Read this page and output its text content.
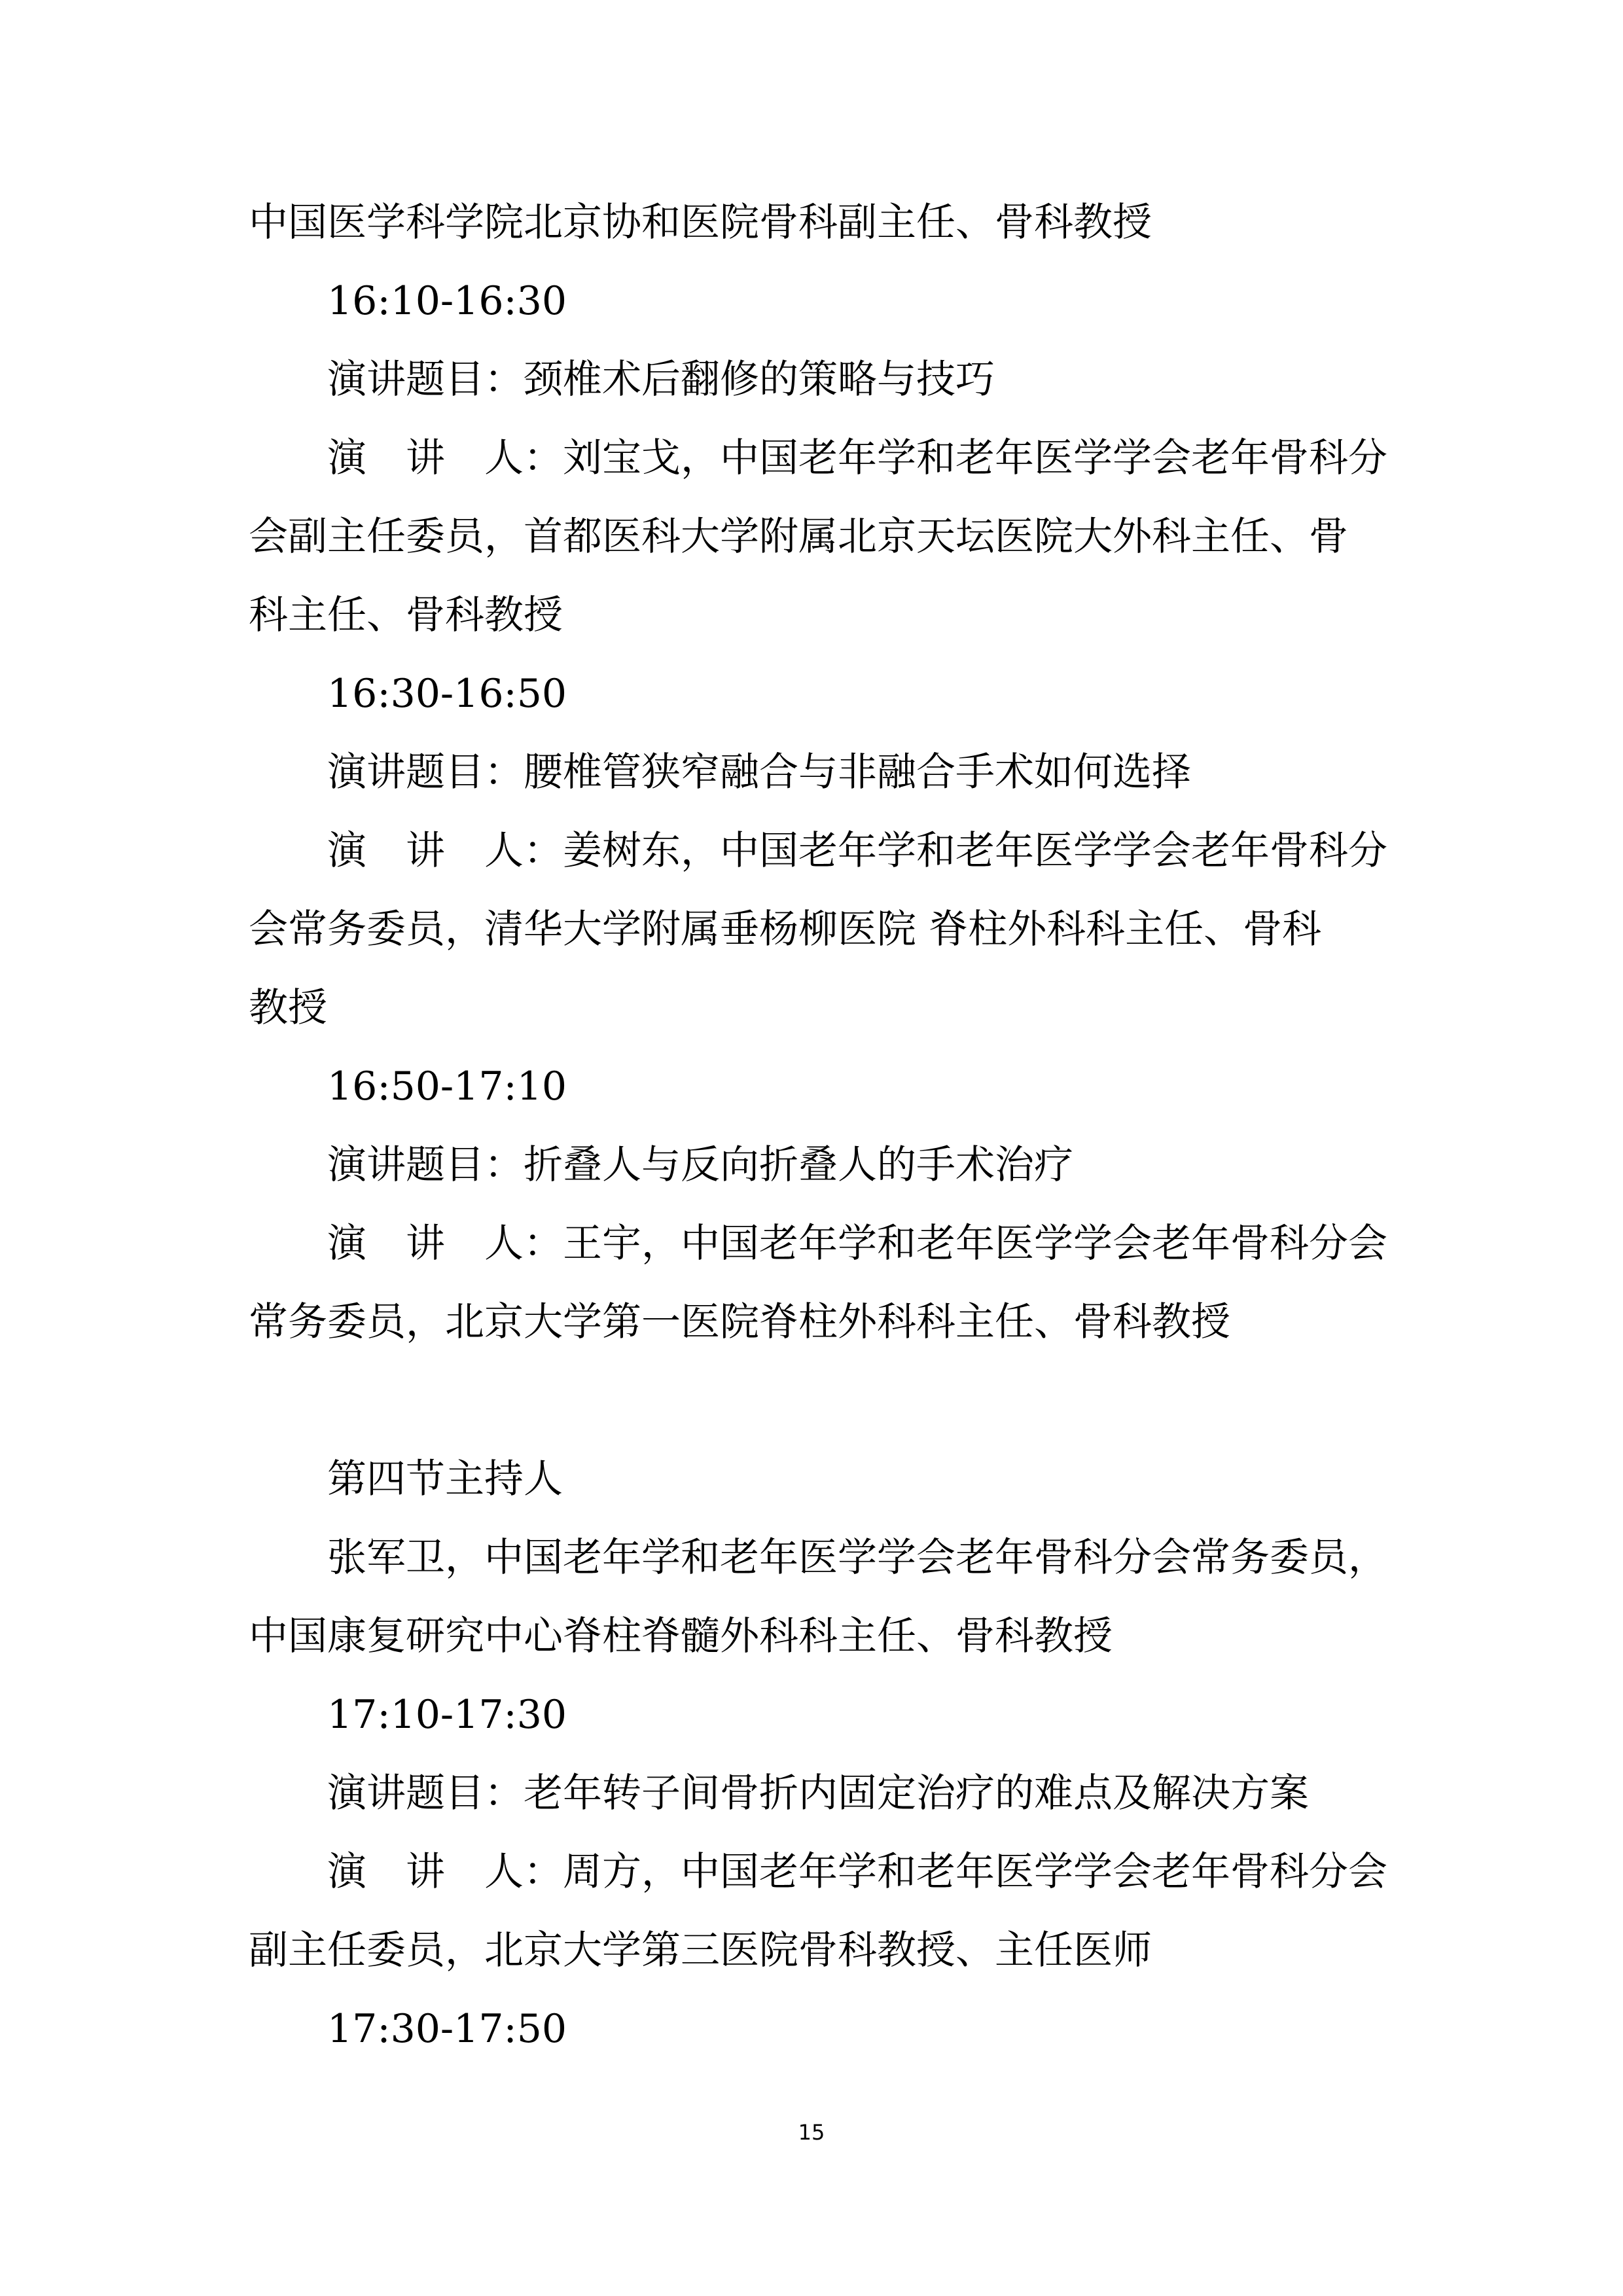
中国医学科学院北京协和医院骨科副主任、骨科教授
16:10-16:30
演讲题目：颈椎术后翻修的策略与技巧
演　讲　人：刘宝戈，中国老年学和老年医学学会老年骨科分
会副主任委员，首都医科大学附属北京天坛医院大外科主任、骨
科主任、骨科教授
16:30-16:50
演讲题目：腰椎管狭窄融合与非融合手术如何选择
演　讲　人：姜树东，中国老年学和老年医学学会老年骨科分
会常务委员，清华大学附属垂杨柳医院 脊柱外科科主任、骨科
教授
16:50-17:10
演讲题目：折叠人与反向折叠人的手术治疗
演　讲　人：王宇，中国老年学和老年医学学会老年骨科分会
常务委员，北京大学第一医院脊柱外科科主任、骨科教授
第四节主持人
张军卫，中国老年学和老年医学学会老年骨科分会常务委员，
中国康复研究中心脊柱脊髓外科科主任、骨科教授
17:10-17:30
演讲题目：老年转子间骨折内固定治疗的难点及解决方案
演　讲　人：周方，中国老年学和老年医学学会老年骨科分会
副主任委员，北京大学第三医院骨科教授、主任医师
17:30-17:50
15
